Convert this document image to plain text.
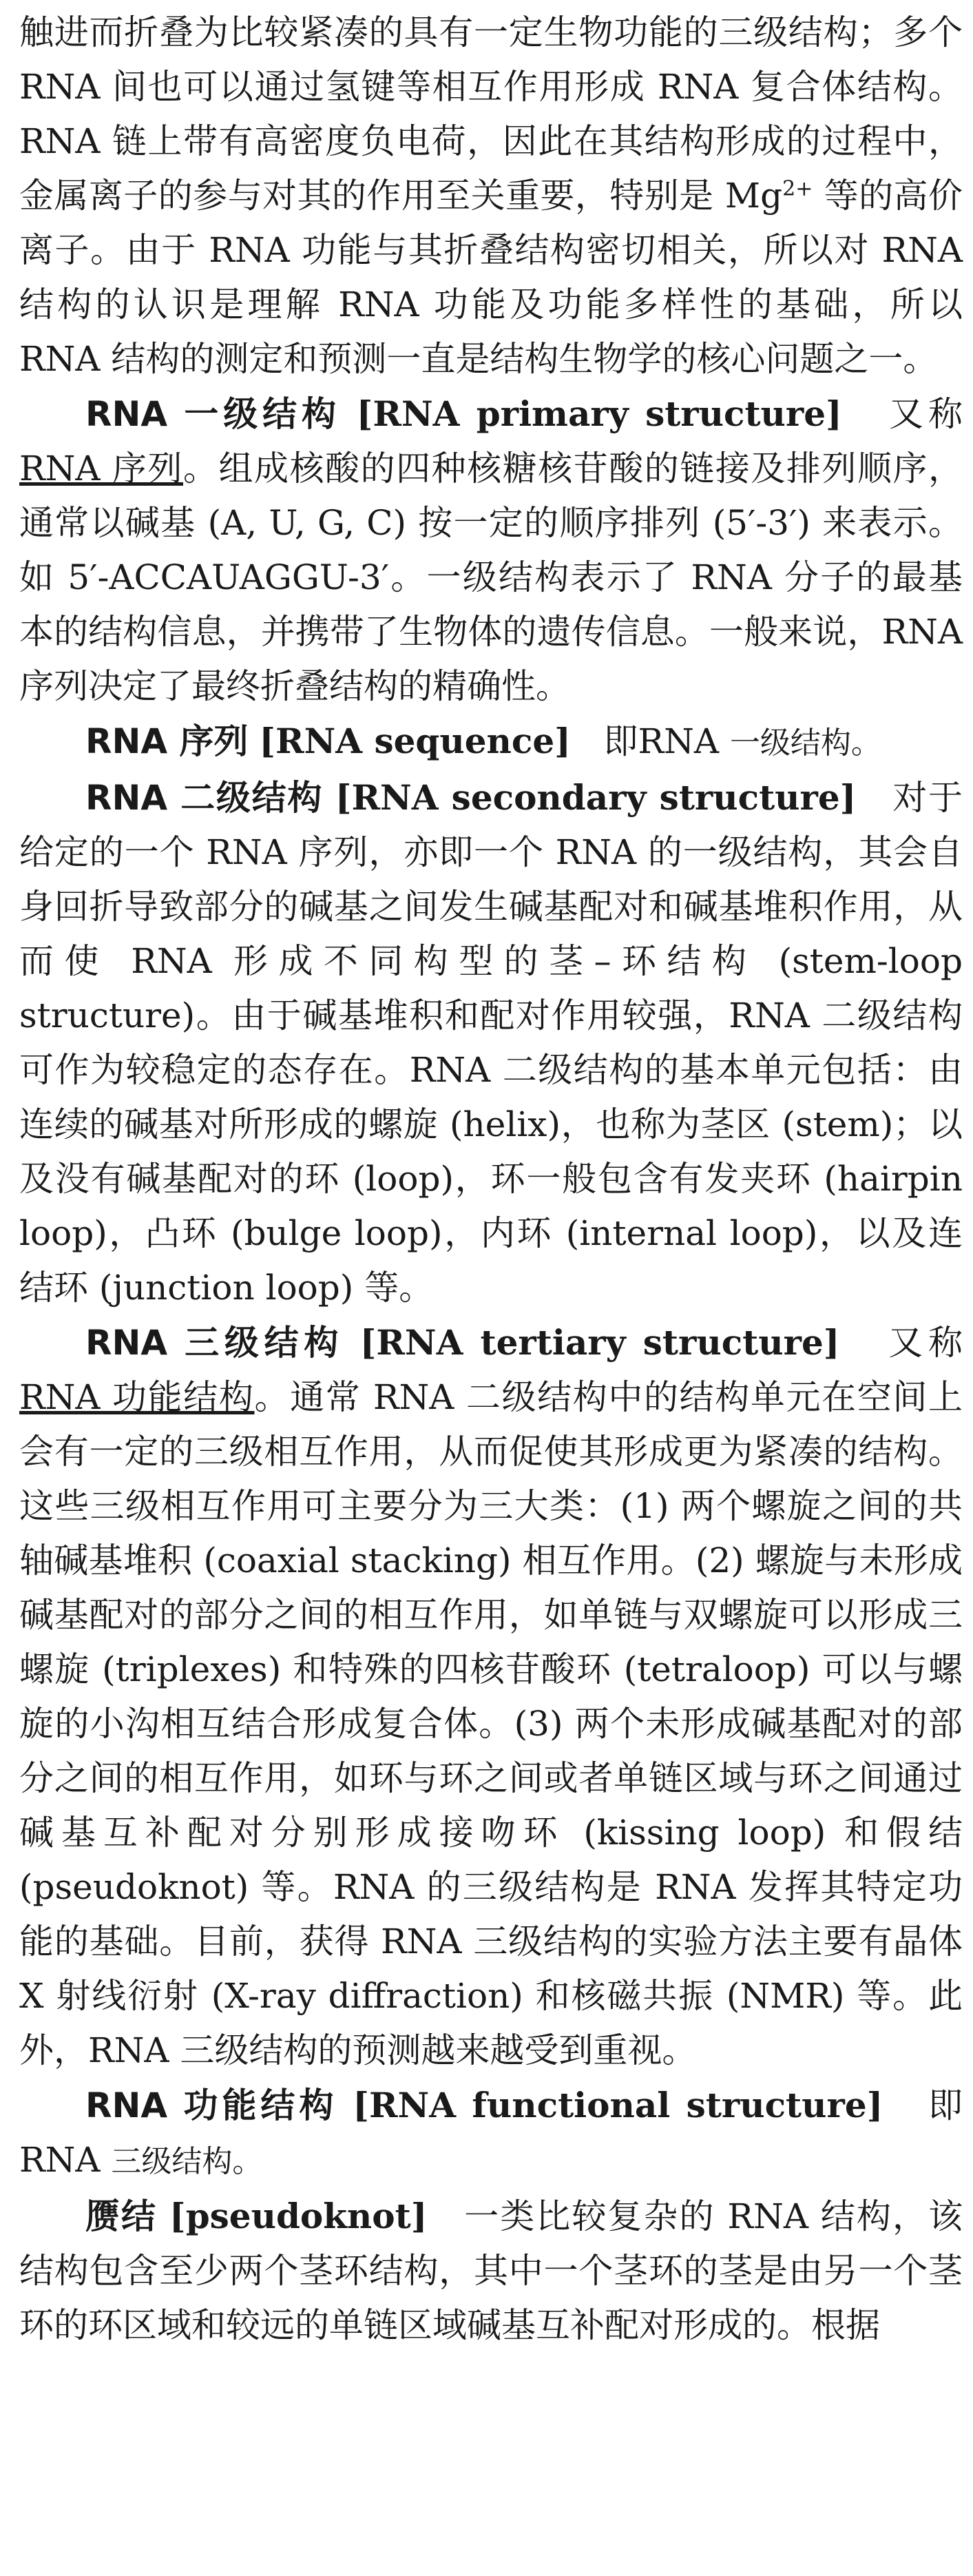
触进而折叠为比较紧凑的具有一定生物功能的三级结构；多个 RNA 间也可以通过氢键等相互作用形成 RNA 复合体结构。RNA 链上带有高密度负电荷，因此在其结构形成的过程中，金属离子的参与对其的作用至关重要，特别是 $Mg^{2+}$ 等的高价离子。由于 RNA 功能与其折叠结构密切相关，所以对 RNA 结构的认识是理解 RNA 功能及功能多样性的基础，所以 RNA 结构的测定和预测一直是结构生物学的核心问题之一。

RNA 一级结构 [RNA primary structure] 又称RNA 序列。组成核酸的四种核糖核苷酸的链接及排列顺序，通常以碱基 (A, U, G, C) 按一定的顺序排列 (5′-3′) 来表示。如 5′-ACCAUAGGU-3′。一级结构表示了 RNA 分子的最基本的结构信息，并携带了生物体的遗传信息。一般来说，RNA 序列决定了最终折叠结构的精确性。

RNA 序列 [RNA sequence] 即RNA 一级结构。

RNA 二级结构 [RNA secondary structure] 对于给定的一个 RNA 序列，亦即一个 RNA 的一级结构，其会自身回折导致部分的碱基之间发生碱基配对和碱基堆积作用，从而使 RNA 形成不同构型的茎–环结构 (stem-loop structure)。由于碱基堆积和配对作用较强，RNA 二级结构可作为较稳定的态存在。RNA 二级结构的基本单元包括：由连续的碱基对所形成的螺旋 (helix)，也称为茎区 (stem)；以及没有碱基配对的环 (loop)，环一般包含有发夹环 (hairpin loop)，凸环 (bulge loop)，内环 (internal loop)，以及连结环 (junction loop) 等。

RNA 三级结构 [RNA tertiary structure] 又称RNA 功能结构。通常 RNA 二级结构中的结构单元在空间上会有一定的三级相互作用，从而促使其形成更为紧凑的结构。这些三级相互作用可主要分为三大类：(1) 两个螺旋之间的共轴碱基堆积 (coaxial stacking) 相互作用。(2) 螺旋与未形成碱基配对的部分之间的相互作用，如单链与双螺旋可以形成三螺旋 (triplexes) 和特殊的四核苷酸环 (tetraloop) 可以与螺旋的小沟相互结合形成复合体。(3) 两个未形成碱基配对的部分之间的相互作用，如环与环之间或者单链区域与环之间通过碱基互补配对分别形成接吻环 (kissing loop) 和假结 (pseudoknot) 等。RNA 的三级结构是 RNA 发挥其特定功能的基础。目前，获得 RNA 三级结构的实验方法主要有晶体 X 射线衍射 (X-ray diffraction) 和核磁共振 (NMR) 等。此外，RNA 三级结构的预测越来越受到重视。

RNA 功能结构 [RNA functional structure] 即 RNA 三级结构。

赝结 [pseudoknot] 一类比较复杂的 RNA 结构，该结构包含至少两个茎环结构，其中一个茎环的茎是由另一个茎环的环区域和较远的单链区域碱基互补配对形成的。根据
